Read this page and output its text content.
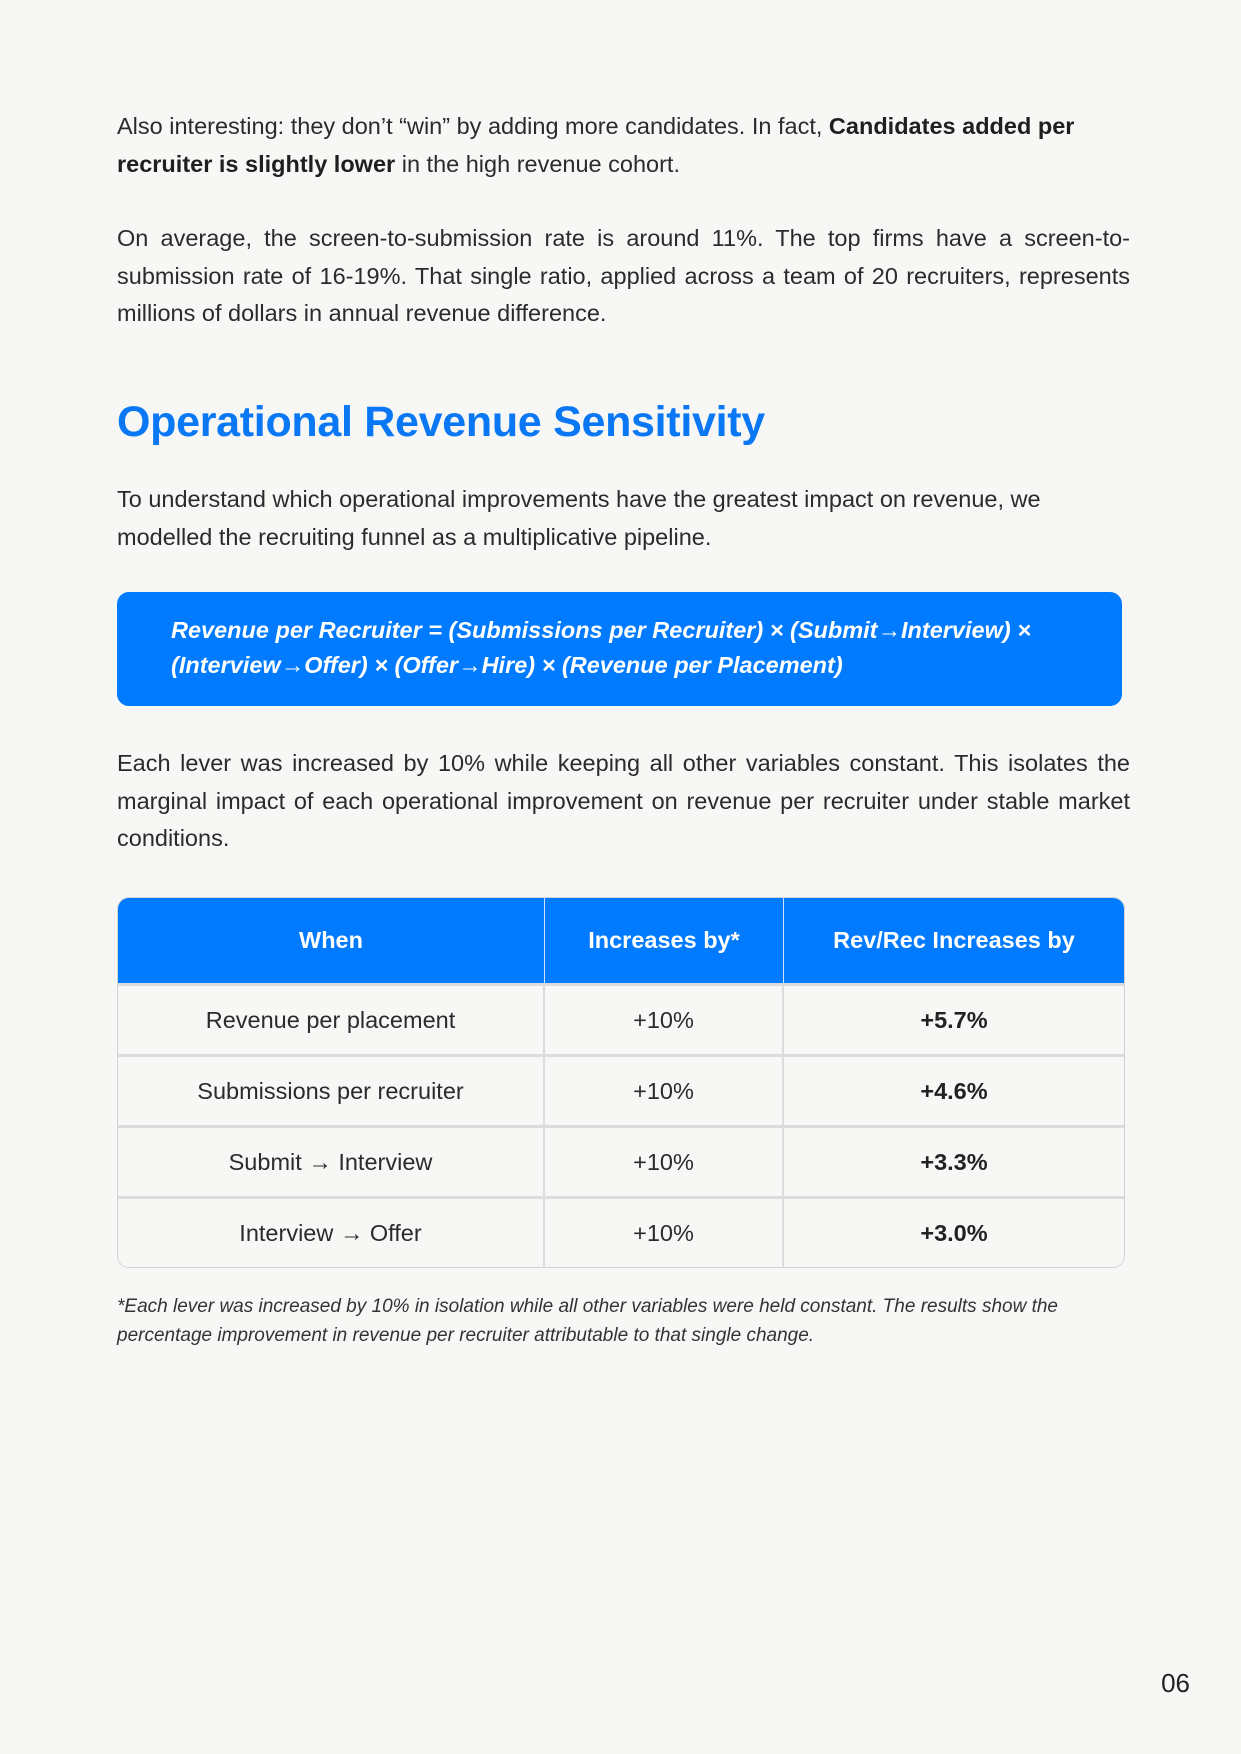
Also interesting: they don’t “win” by adding more candidates. In fact, Candidates added per recruiter is slightly lower in the high revenue cohort.

On average, the screen-to-submission rate is around 11%. The top firms have a screen-to-submission rate of 16-19%. That single ratio, applied across a team of 20 recruiters, represents millions of dollars in annual revenue difference.

Operational Revenue Sensitivity

To understand which operational improvements have the greatest impact on revenue, we modelled the recruiting funnel as a multiplicative pipeline.

Revenue per Recruiter = (Submissions per Recruiter) × (Submit→Interview) × (Interview→Offer) × (Offer→Hire) × (Revenue per Placement)

Each lever was increased by 10% while keeping all other variables constant. This isolates the marginal impact of each operational improvement on revenue per recruiter under stable market conditions.

When	Increases by*	Rev/Rec Increases by
Revenue per placement	+10%	+5.7%
Submissions per recruiter	+10%	+4.6%
Submit → Interview	+10%	+3.3%
Interview → Offer	+10%	+3.0%

*Each lever was increased by 10% in isolation while all other variables were held constant. The results show the percentage improvement in revenue per recruiter attributable to that single change.

06
